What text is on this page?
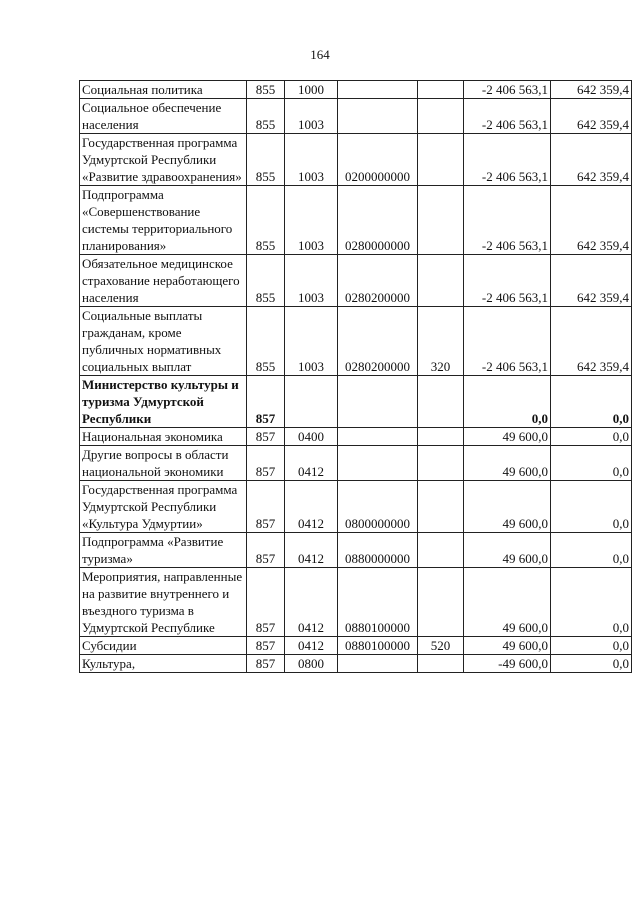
164
Социальная политика	855	1000			-2 406 563,1	642 359,4
Социальное обеспечение населения	855	1003			-2 406 563,1	642 359,4
Государственная программа Удмуртской Республики «Развитие здравоохранения»	855	1003	0200000000		-2 406 563,1	642 359,4
Подпрограмма «Совершенствование системы территориального планирования»	855	1003	0280000000		-2 406 563,1	642 359,4
Обязательное медицинское страхование неработающего населения	855	1003	0280200000		-2 406 563,1	642 359,4
Социальные выплаты гражданам, кроме публичных нормативных социальных выплат	855	1003	0280200000	320	-2 406 563,1	642 359,4
Министерство культуры и туризма Удмуртской Республики	857				0,0	0,0
Национальная экономика	857	0400			49 600,0	0,0
Другие вопросы в области национальной экономики	857	0412			49 600,0	0,0
Государственная программа Удмуртской Республики «Культура Удмуртии»	857	0412	0800000000		49 600,0	0,0
Подпрограмма «Развитие туризма»	857	0412	0880000000		49 600,0	0,0
Мероприятия, направленные на развитие внутреннего и въездного туризма в Удмуртской Республике	857	0412	0880100000		49 600,0	0,0
Субсидии	857	0412	0880100000	520	49 600,0	0,0
Культура,	857	0800			-49 600,0	0,0
